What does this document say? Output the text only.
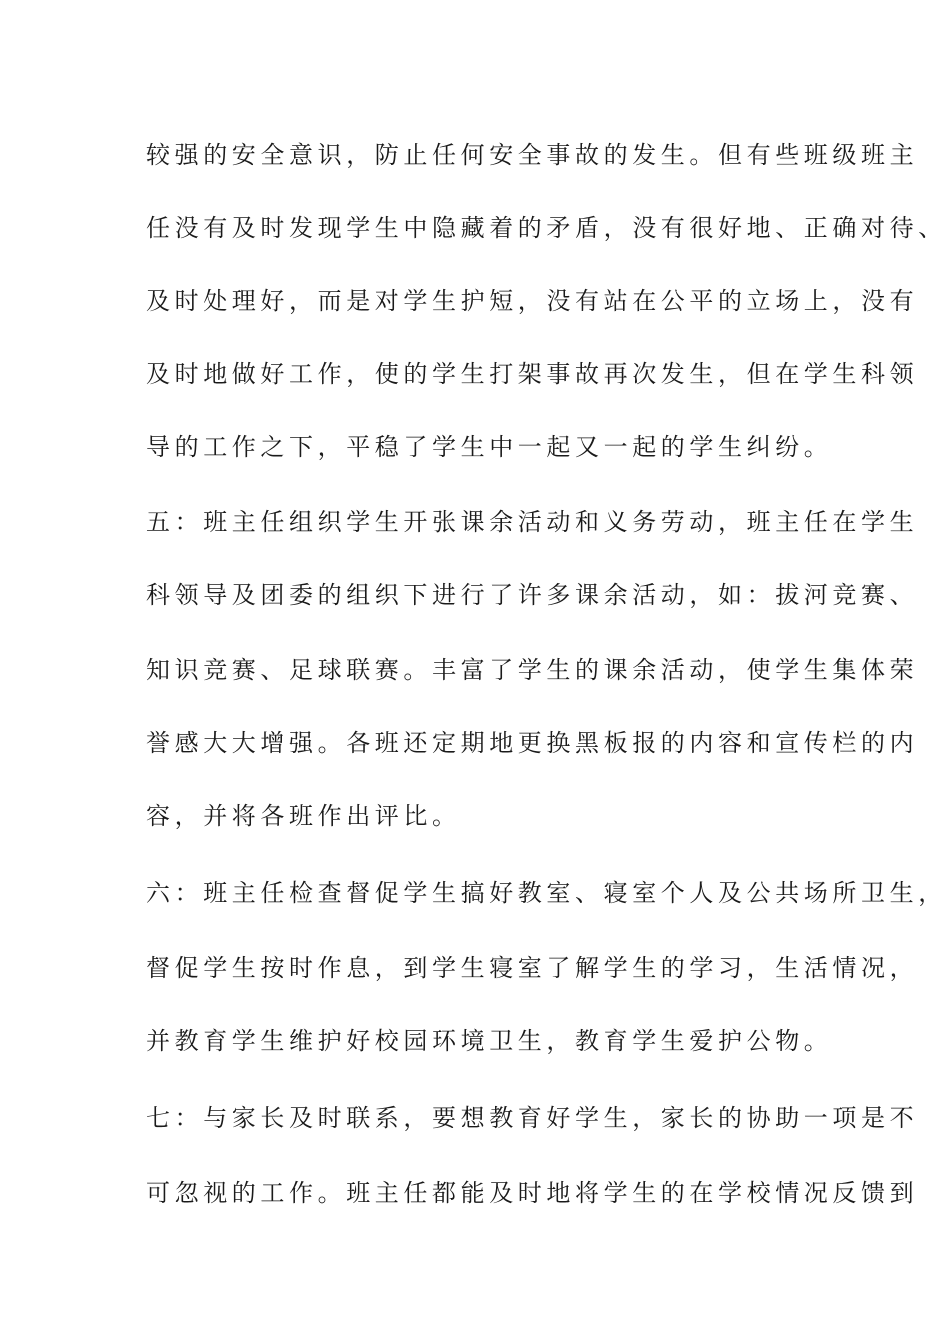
较强的安全意识，防止任何安全事故的发生。但有些班级班主
任没有及时发现学生中隐藏着的矛盾，没有很好地、正确对待、
及时处理好，而是对学生护短，没有站在公平的立场上，没有
及时地做好工作，使的学生打架事故再次发生，但在学生科领
导的工作之下，平稳了学生中一起又一起的学生纠纷。
五：班主任组织学生开张课余活动和义务劳动，班主任在学生
科领导及团委的组织下进行了许多课余活动，如：拔河竞赛、
知识竞赛、足球联赛。丰富了学生的课余活动，使学生集体荣
誉感大大增强。各班还定期地更换黑板报的内容和宣传栏的内
容，并将各班作出评比。
六：班主任检查督促学生搞好教室、寝室个人及公共场所卫生，
督促学生按时作息，到学生寝室了解学生的学习，生活情况，
并教育学生维护好校园环境卫生，教育学生爱护公物。
七：与家长及时联系，要想教育好学生，家长的协助一项是不
可忽视的工作。班主任都能及时地将学生的在学校情况反馈到
